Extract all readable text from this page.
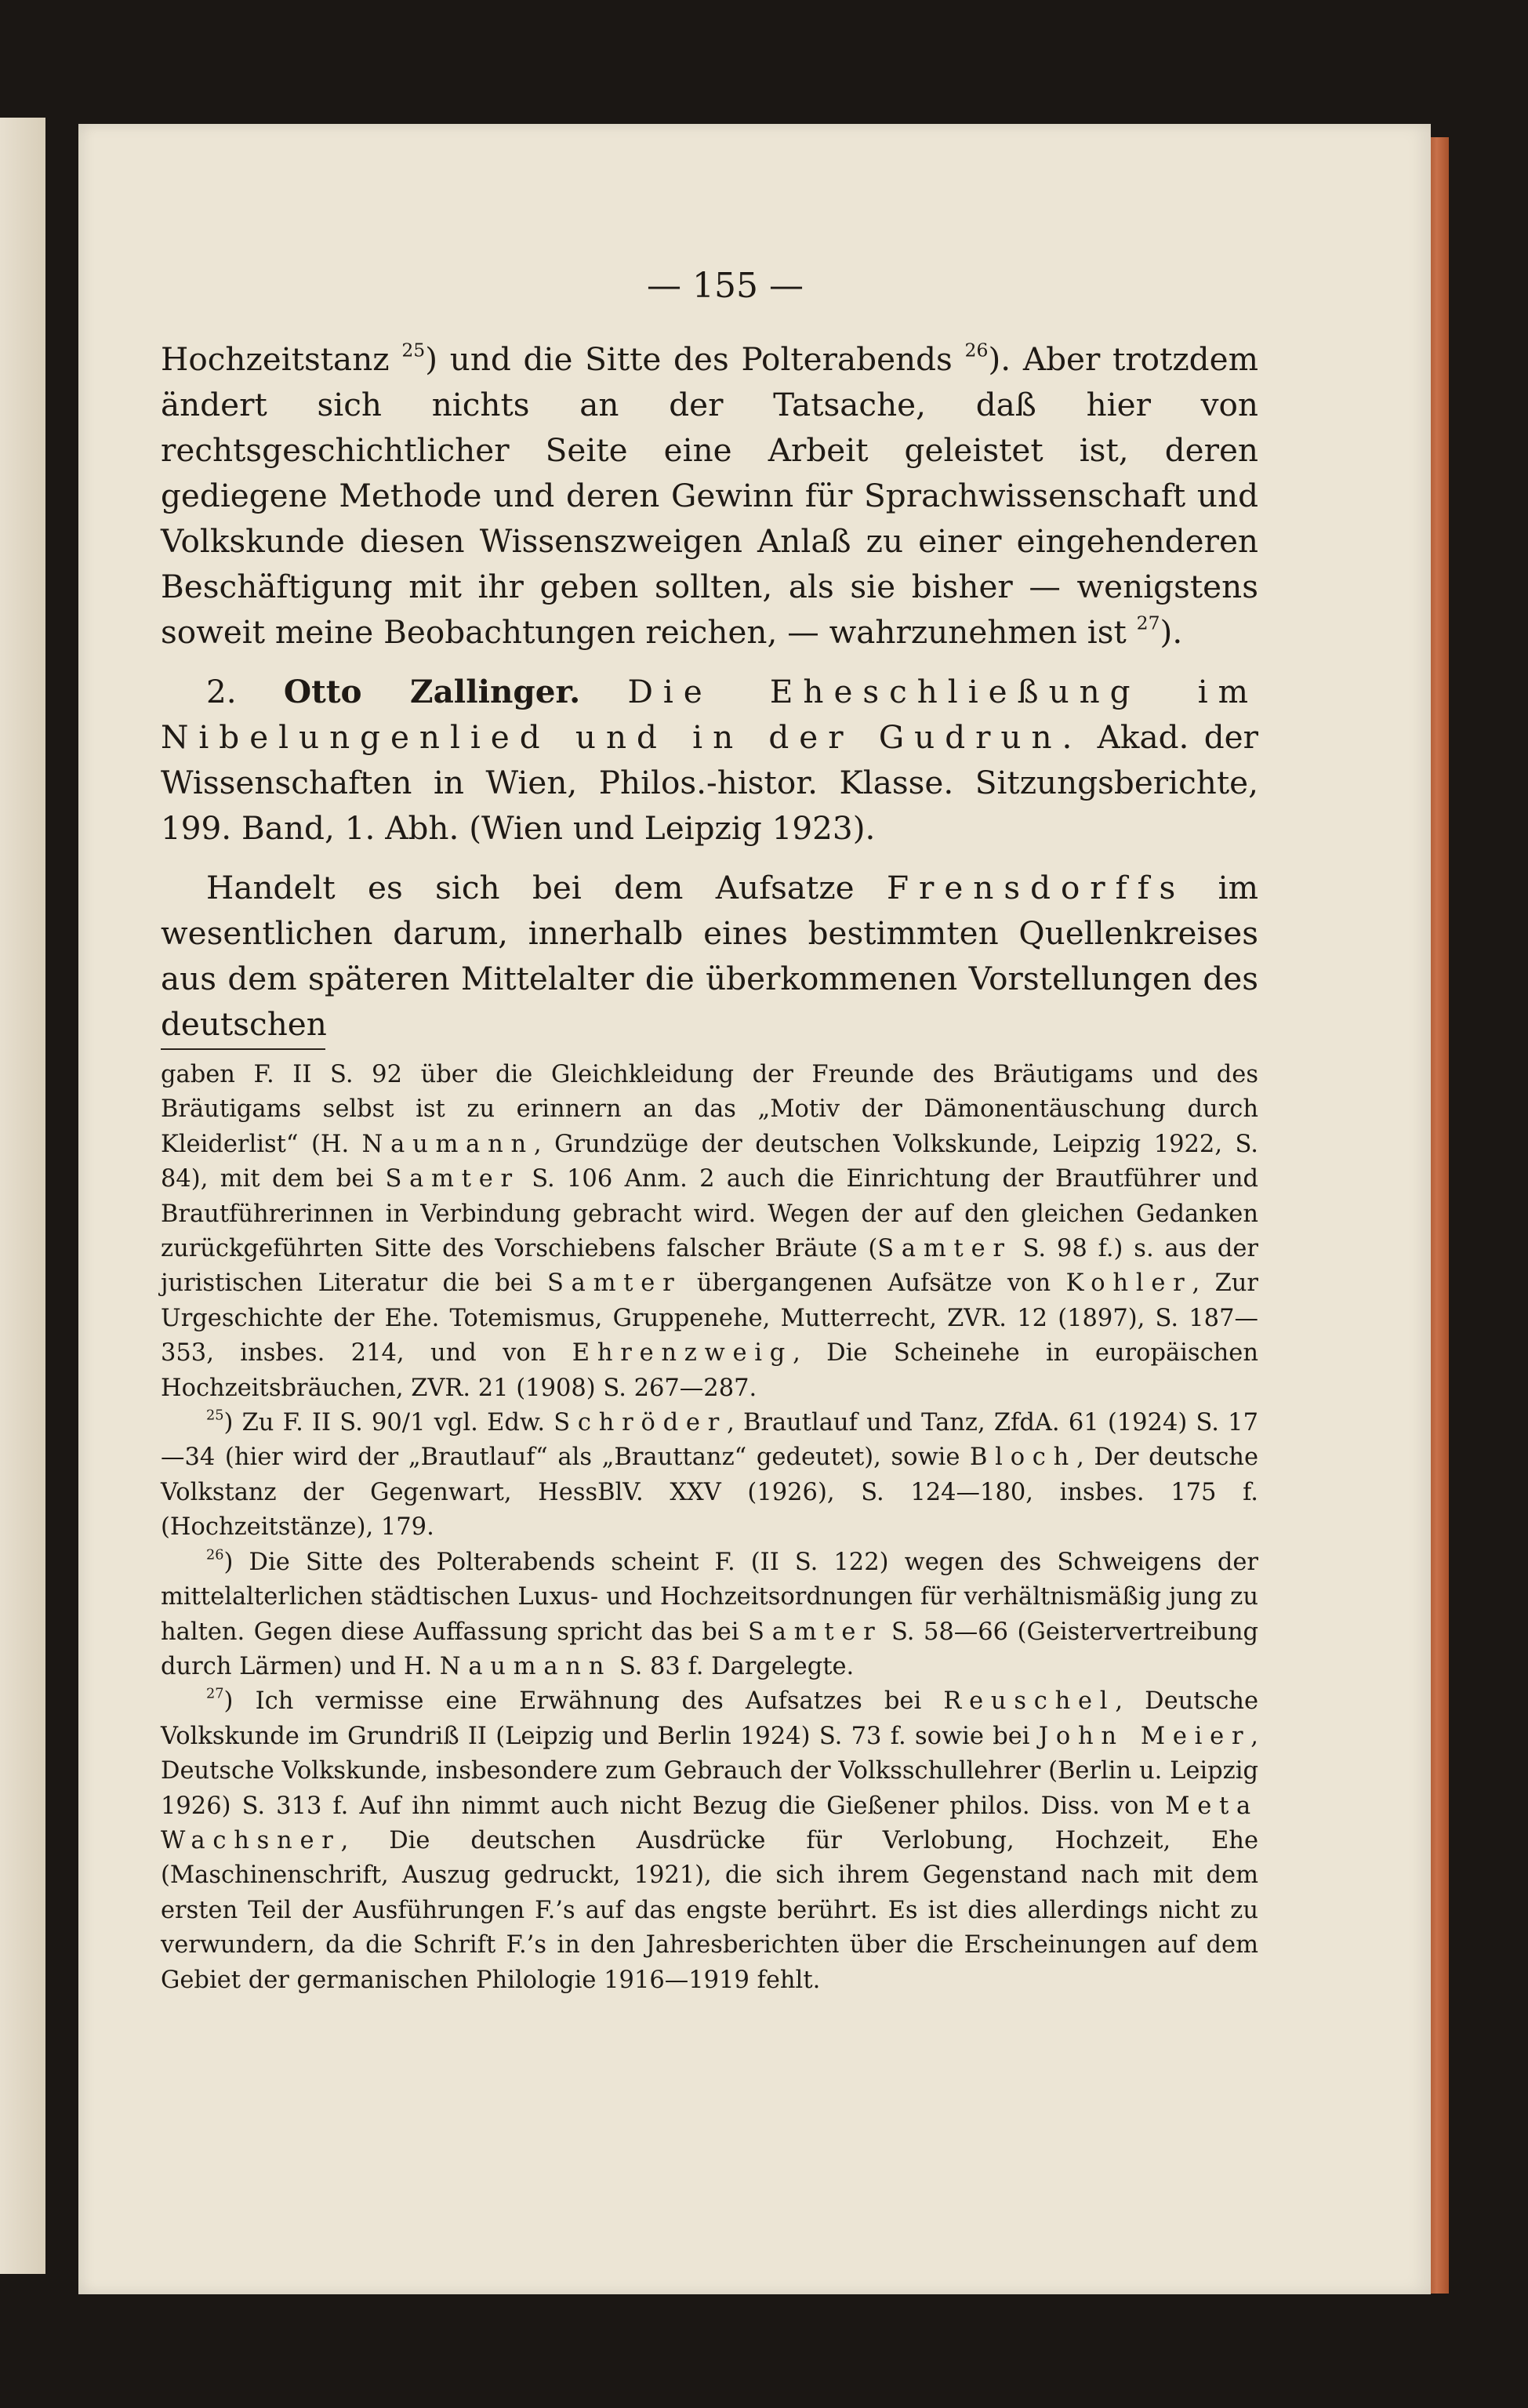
— 155 —

Hochzeitstanz $^{25}$) und die Sitte des Polterabends $^{26}$). Aber trotzdem ändert sich nichts an der Tatsache, daß hier von rechtsgeschichtlicher Seite eine Arbeit geleistet ist, deren gediegene Methode und deren Gewinn für Sprachwissenschaft und Volkskunde diesen Wissenszweigen Anlaß zu einer eingehenderen Beschäftigung mit ihr geben sollten, als sie bisher — wenigstens soweit meine Beobachtungen reichen, — wahrzunehmen ist $^{27}$).

2. Otto Zallinger. Die Eheschließung im Nibelungenlied und in der Gudrun. Akad. der Wissenschaften in Wien, Philos.-histor. Klasse. Sitzungsberichte, 199. Band, 1. Abh. (Wien und Leipzig 1923).

Handelt es sich bei dem Aufsatze Frensdorffs im wesentlichen darum, innerhalb eines bestimmten Quellenkreises aus dem späteren Mittelalter die überkommenen Vorstellungen des deutschen

gaben F. II S. 92 über die Gleichkleidung der Freunde des Bräutigams und des Bräutigams selbst ist zu erinnern an das „Motiv der Dämonentäuschung durch Kleiderlist“ (H. Naumann, Grundzüge der deutschen Volkskunde, Leipzig 1922, S. 84), mit dem bei Samter S. 106 Anm. 2 auch die Einrichtung der Brautführer und Brautführerinnen in Verbindung gebracht wird. Wegen der auf den gleichen Gedanken zurückgeführten Sitte des Vorschiebens falscher Bräute (Samter S. 98 f.) s. aus der juristischen Literatur die bei Samter übergangenen Aufsätze von Kohler, Zur Urgeschichte der Ehe. Totemismus, Gruppenehe, Mutterrecht, ZVR. 12 (1897), S. 187—353, insbes. 214, und von Ehrenzweig, Die Scheinehe in europäischen Hochzeitsbräuchen, ZVR. 21 (1908) S. 267—287.

$^{25}$) Zu F. II S. 90/1 vgl. Edw. Schröder, Brautlauf und Tanz, ZfdA. 61 (1924) S. 17—34 (hier wird der „Brautlauf“ als „Brauttanz“ gedeutet), sowie Bloch, Der deutsche Volkstanz der Gegenwart, HessBlV. XXV (1926), S. 124—180, insbes. 175 f. (Hochzeitstänze), 179.

$^{26}$) Die Sitte des Polterabends scheint F. (II S. 122) wegen des Schweigens der mittelalterlichen städtischen Luxus- und Hochzeitsordnungen für verhältnismäßig jung zu halten. Gegen diese Auffassung spricht das bei Samter S. 58—66 (Geistervertreibung durch Lärmen) und H. Naumann S. 83 f. Dargelegte.

$^{27}$) Ich vermisse eine Erwähnung des Aufsatzes bei Reuschel, Deutsche Volkskunde im Grundriß II (Leipzig und Berlin 1924) S. 73 f. sowie bei John Meier, Deutsche Volkskunde, insbesondere zum Gebrauch der Volksschullehrer (Berlin u. Leipzig 1926) S. 313 f. Auf ihn nimmt auch nicht Bezug die Gießener philos. Diss. von Meta Wachsner, Die deutschen Ausdrücke für Verlobung, Hochzeit, Ehe (Maschinenschrift, Auszug gedruckt, 1921), die sich ihrem Gegenstand nach mit dem ersten Teil der Ausführungen F.’s auf das engste berührt. Es ist dies allerdings nicht zu verwundern, da die Schrift F.’s in den Jahresberichten über die Erscheinungen auf dem Gebiet der germanischen Philologie 1916—1919 fehlt.
